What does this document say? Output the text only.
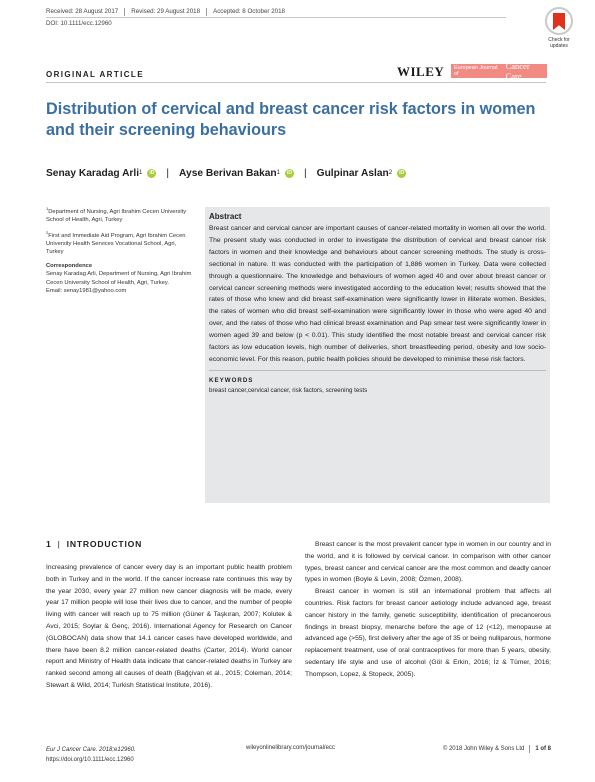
Received: 28 August 2017 Revised: 29 August 2018 Accepted: 8 October 2018
DOI: 10.1111/ecc.12960
Check for updates
ORIGINAL ARTICLE	WILEY European Journal of
Cancer Care
Distribution of cervical and breast cancer risk factors in women and their screening behaviours
Senay Karadag Arli 1	iD | Ayse Berivan Bakan 1	iD | Gulpinar Aslan 2	iD

$^1$Department of Nursing, Agri Ibrahim Cecen University School of Health, Agri, Turkey

$^2$First and Immediate Aid Program, Agri Ibrahim Cecen University Health Services Vocational School, Agri, Turkey

Correspondence

Senay Karadag Arli, Department of Nursing, Agri Ibrahim Cecen University School of Health, Agri, Turkey.

Email: senay1981@yahoo.com

Abstract
Breast cancer and cervical cancer are important causes of cancer-related mortality in women all over the world. The present study was conducted in order to investigate the distribution of cervical and breast cancer risk factors in women and their knowledge and behaviours about cancer screening methods. The study is cross-sectional in nature. It was conducted with the participation of 1,886 women in Turkey. Data were collected through a questionnaire. The knowledge and behaviours of women aged 40 and over about breast cancer or cervical cancer screening methods were investigated according to the education level; results showed that the rates of those who knew and did breast self-examination were significantly lower in illiterate women. Besides, the rates of women who did breast self-examination were significantly lower in those who were aged 40 and over, and the rates of those who had clinical breast examination and Pap smear test were significantly lower in women aged 39 and below (p < 0.01). This study identified the most notable breast and cervical cancer risk factors as low education levels, high number of deliveries, short breastfeeding period, obesity and low socio-economic level. For this reason, public health policies should be developed to minimise these risk factors.
KEYWORDS
breast cancer,cervical cancer, risk factors, screening tests
1 | INTRODUCTION

Increasing prevalence of cancer every day is an important public health problem both in Turkey and in the world. If the cancer increase rate continues this way by the year 2030, every year 27 million new cancer diagnosis will be made, every year 17 million people will lose their lives due to cancer, and the number of people living with cancer will reach up to 75 million (Güner & Taşkıran, 2007; Koluteк & Avci, 2015; Soylar & Genç, 2016). International Agency for Research on Cancer (GLOBOCAN) data show that 14.1 cancer cases have developed worldwide, and there have been 8.2 million cancer-related deaths (Carter, 2014). World cancer report and Ministry of Health data indicate that cancer-related deaths in Turkey are ranked second among all causes of death (Bağçivan et al., 2015; Coleman, 2014; Stewart & Wild, 2014; Turkish Statistical Institute, 2016).

Breast cancer is the most prevalent cancer type in women in our country and in the world, and it is followed by cervical cancer. In comparison with other cancer types, breast cancer and cervical cancer are the most common and deadly cancer types in women (Boyle & Levin, 2008; Özmen, 2008).

Breast cancer in women is still an international problem that affects all countries. Risk factors for breast cancer aetiology include advanced age, breast cancer history in the family, genetic susceptibility, identification of precancerous findings in breast biopsy, menarche before the age of 12 (<12), menopause at advanced age (>55), first delivery after the age of 35 or being nulliparous, hormone replacement treatment, use of oral contraceptives for more than 5 years, obesity, sedentary life style and use of alcohol (Göl & Erkin, 2016; İz & Tümer, 2016; Thompson, Lopez, & Stopeck, 2005).

Eur J Cancer Care. 2018;e12960.
https://doi.org/10.1111/ecc.12960
wileyonlinelibrary.com/journal/ecc	© 2018 John Wiley & Sons Ltd 1 of 8
